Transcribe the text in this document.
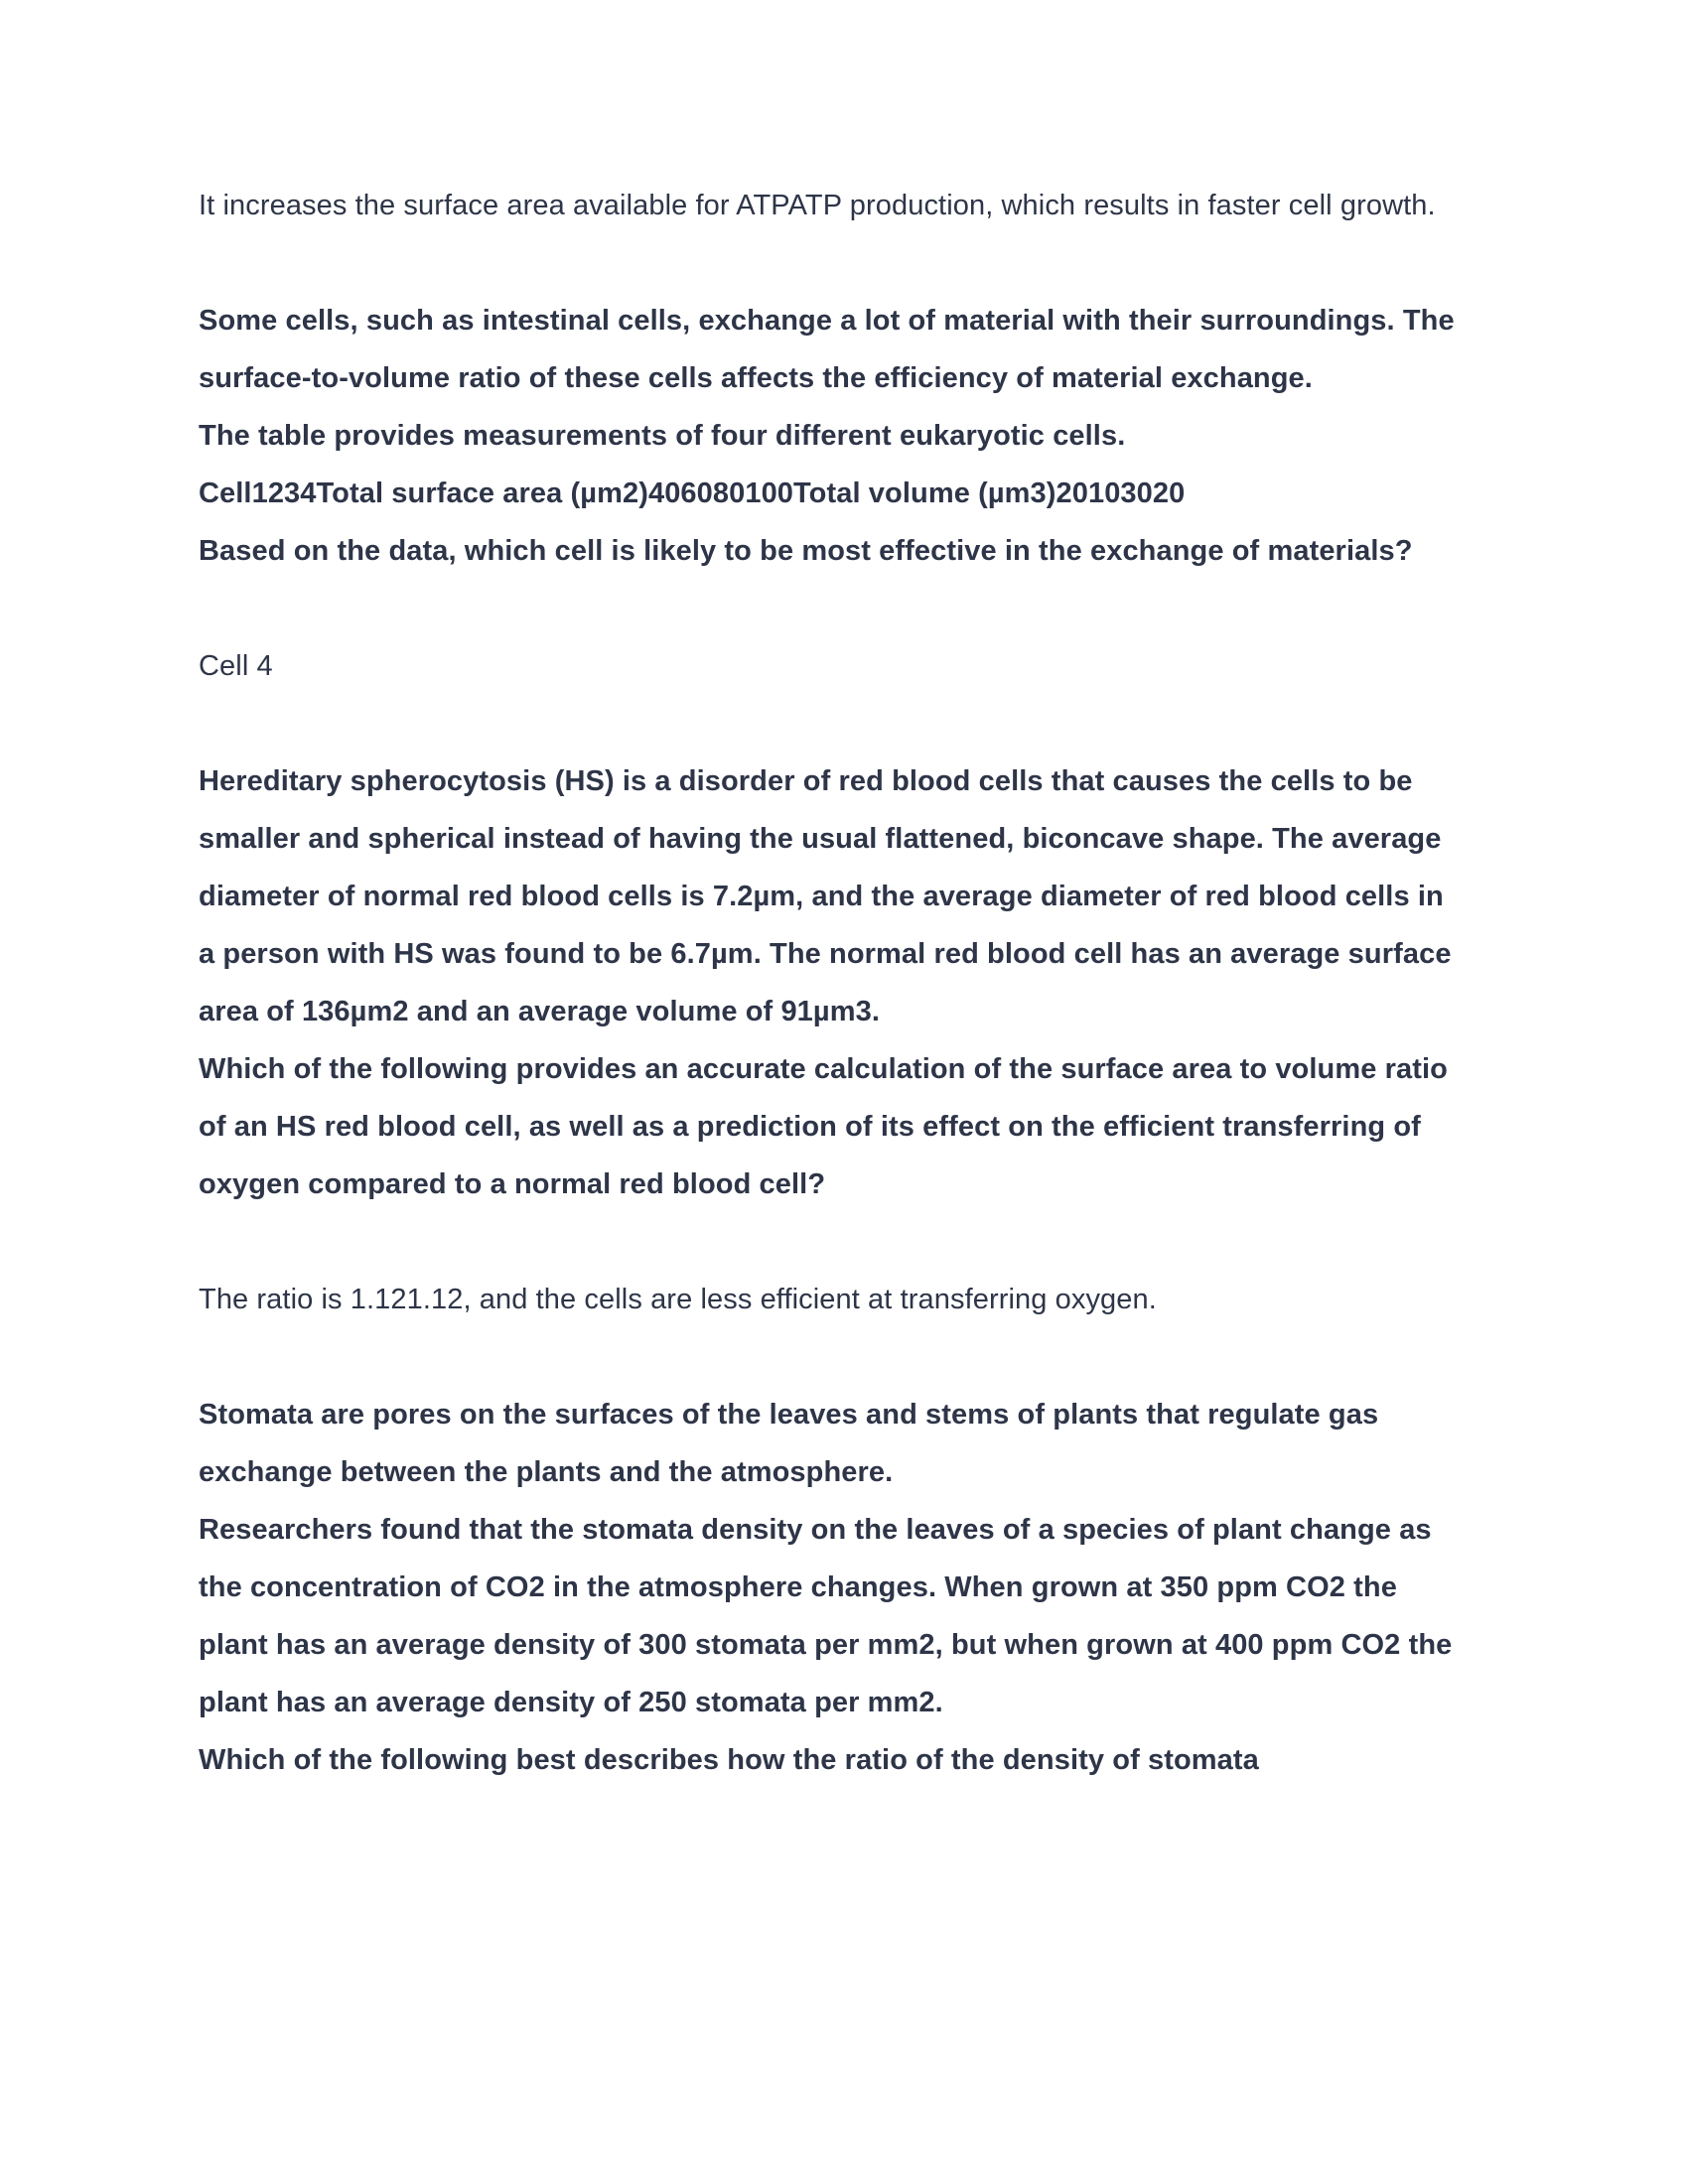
It increases the surface area available for ATPATP production, which results in faster cell growth.

Some cells, such as intestinal cells, exchange a lot of material with their surroundings. The surface-to-volume ratio of these cells affects the efficiency of material exchange.

The table provides measurements of four different eukaryotic cells.

Cell1234Total surface area (µm2)406080100Total volume (µm3)20103020

Based on the data, which cell is likely to be most effective in the exchange of materials?

Cell 4

Hereditary spherocytosis (HS) is a disorder of red blood cells that causes the cells to be smaller and spherical instead of having the usual flattened, biconcave shape. The average diameter of normal red blood cells is 7.2µm, and the average diameter of red blood cells in a person with HS was found to be 6.7µm. The normal red blood cell has an average surface area of 136µm2 and an average volume of 91µm3.

Which of the following provides an accurate calculation of the surface area to volume ratio of an HS red blood cell, as well as a prediction of its effect on the efficient transferring of oxygen compared to a normal red blood cell?

The ratio is 1.121.12, and the cells are less efficient at transferring oxygen.

Stomata are pores on the surfaces of the leaves and stems of plants that regulate gas exchange between the plants and the atmosphere.

Researchers found that the stomata density on the leaves of a species of plant change as the concentration of CO2 in the atmosphere changes. When grown at 350 ppm CO2 the plant has an average density of 300 stomata per mm2, but when grown at 400 ppm CO2 the plant has an average density of 250 stomata per mm2.

Which of the following best describes how the ratio of the density of stomata
